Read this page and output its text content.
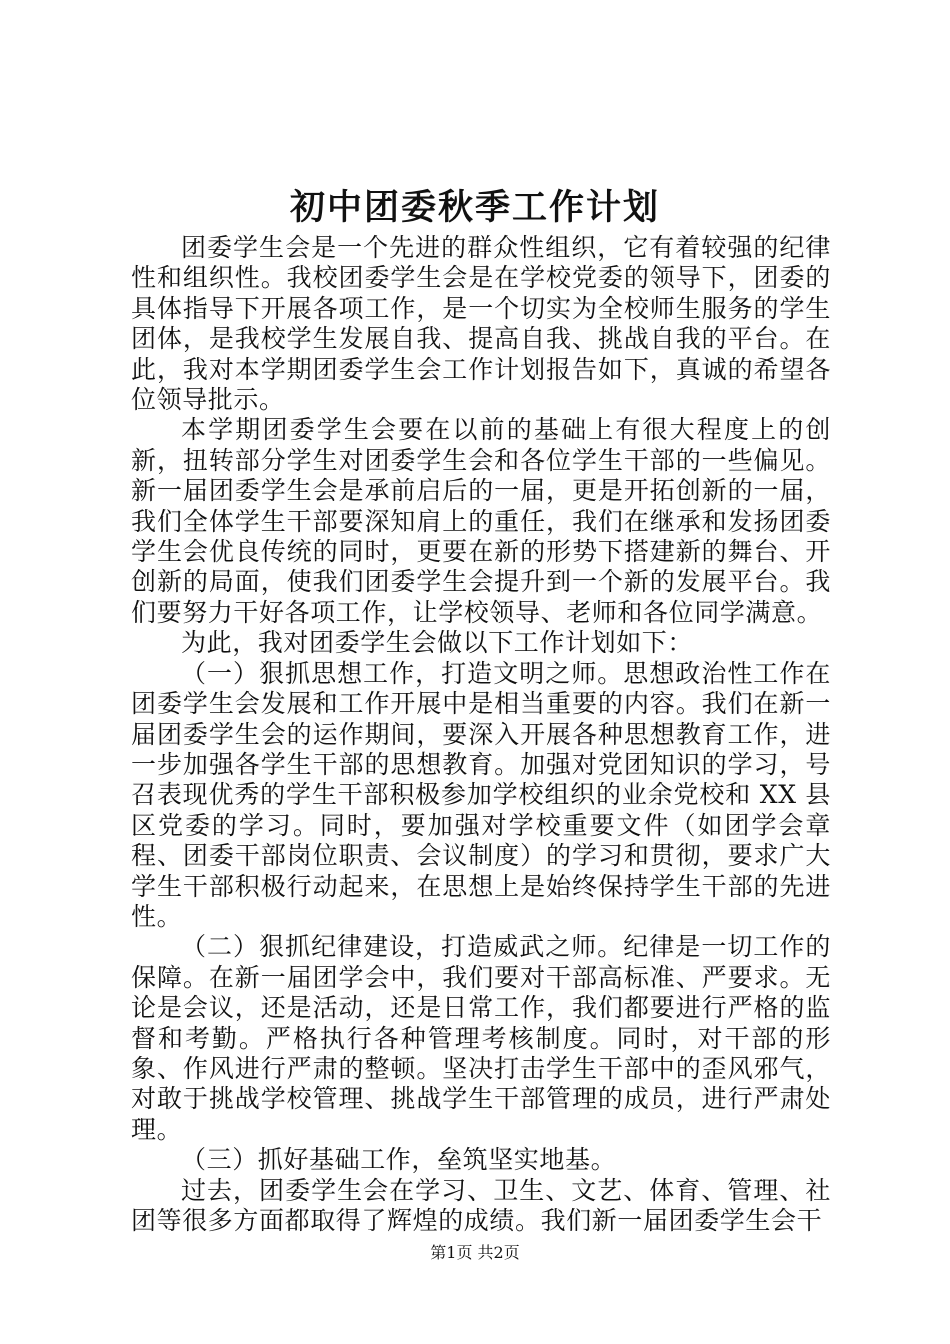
初中团委秋季工作计划

团委学生会是一个先进的群众性组织，它有着较强的纪律性和组织性。我校团委学生会是在学校党委的领导下，团委的具体指导下开展各项工作，是一个切实为全校师生服务的学生团体，是我校学生发展自我、提高自我、挑战自我的平台。在此，我对本学期团委学生会工作计划报告如下，真诚的希望各位领导批示。

本学期团委学生会要在以前的基础上有很大程度上的创新，扭转部分学生对团委学生会和各位学生干部的一些偏见。新一届团委学生会是承前启后的一届，更是开拓创新的一届，我们全体学生干部要深知肩上的重任，我们在继承和发扬团委学生会优良传统的同时，更要在新的形势下搭建新的舞台、开创新的局面，使我们团委学生会提升到一个新的发展平台。我们要努力干好各项工作，让学校领导、老师和各位同学满意。

为此，我对团委学生会做以下工作计划如下：

（一）狠抓思想工作，打造文明之师。思想政治性工作在团委学生会发展和工作开展中是相当重要的内容。我们在新一届团委学生会的运作期间，要深入开展各种思想教育工作，进一步加强各学生干部的思想教育。加强对党团知识的学习，号召表现优秀的学生干部积极参加学校组织的业余党校和 XX 县区党委的学习。同时，要加强对学校重要文件（如团学会章程、团委干部岗位职责、会议制度）的学习和贯彻，要求广大学生干部积极行动起来，在思想上是始终保持学生干部的先进性。

（二）狠抓纪律建设，打造威武之师。纪律是一切工作的保障。在新一届团学会中，我们要对干部高标准、严要求。无论是会议，还是活动，还是日常工作，我们都要进行严格的监督和考勤。严格执行各种管理考核制度。同时，对干部的形象、作风进行严肃的整顿。坚决打击学生干部中的歪风邪气，对敢于挑战学校管理、挑战学生干部管理的成员，进行严肃处理。

（三）抓好基础工作，垒筑坚实地基。

过去，团委学生会在学习、卫生、文艺、体育、管理、社团等很多方面都取得了辉煌的成绩。我们新一届团委学生会干

第1页 共2页
